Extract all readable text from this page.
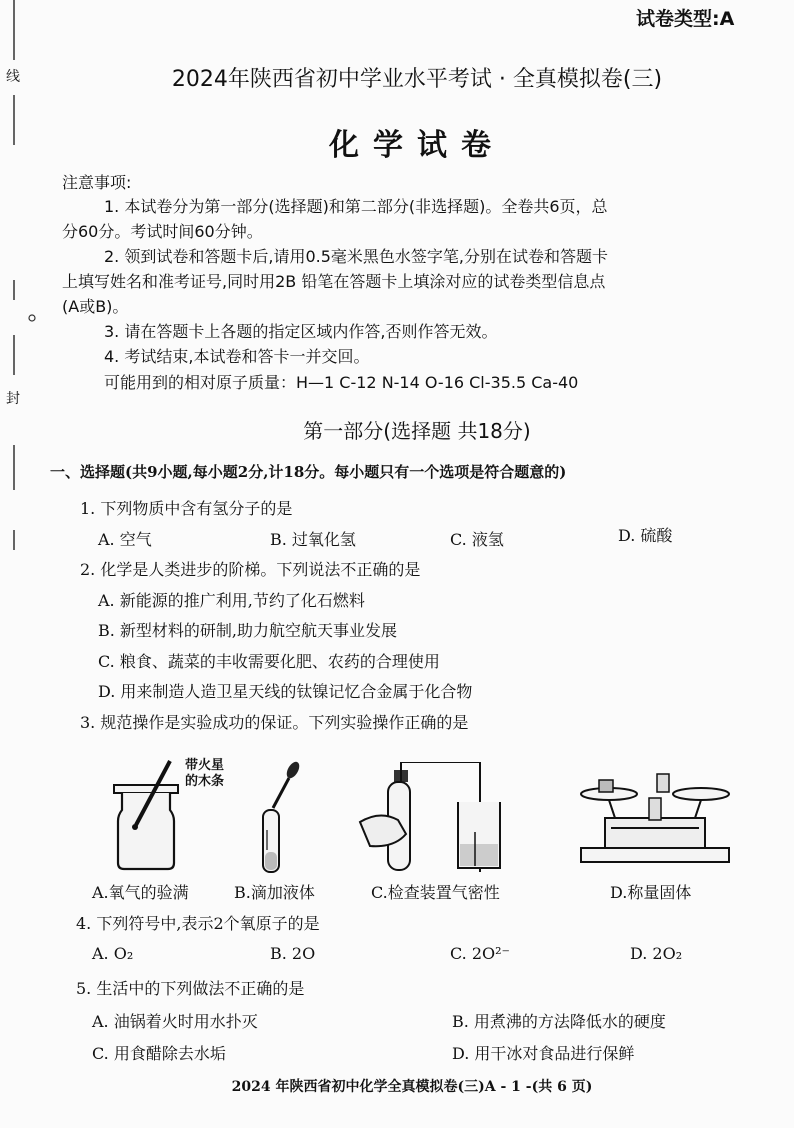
线
封
试卷类型:A
2024年陕西省初中学业水平考试 · 全真模拟卷(三)
化学试卷
注意事项:
1. 本试卷分为第一部分(选择题)和第二部分(非选择题)。全卷共6页，总
分60分。考试时间60分钟。
2. 领到试卷和答题卡后,请用0.5毫米黑色水签字笔,分别在试卷和答题卡
上填写姓名和准考证号,同时用2B 铅笔在答题卡上填涂对应的试卷类型信息点
(A或B)。
3. 请在答题卡上各题的指定区域内作答,否则作答无效。
4. 考试结束,本试卷和答卡一并交回。
可能用到的相对原子质量：H—1 C-12 N-14 O-16 Cl-35.5 Ca-40
第一部分(选择题 共18分)
一、选择题(共9小题,每小题2分,计18分。每小题只有一个选项是符合题意的)
1. 下列物质中含有氢分子的是
A. 空气	B. 过氧化氢	C. 液氢	D. 硫酸
2. 化学是人类进步的阶梯。下列说法不正确的是
A. 新能源的推广利用,节约了化石燃料
B. 新型材料的研制,助力航空航天事业发展
C. 粮食、蔬菜的丰收需要化肥、农药的合理使用
D. 用来制造人造卫星天线的钛镍记忆合金属于化合物
3. 规范操作是实验成功的保证。下列实验操作正确的是
带火星
的木条
A.氧气的验满	B.滴加液体	C.检查装置气密性	D.称量固体
4. 下列符号中,表示2个氧原子的是
A. O₂	B. 2O	C. 2O²⁻	D. 2O₂
5. 生活中的下列做法不正确的是
A. 油锅着火时用水扑灭	B. 用煮沸的方法降低水的硬度
C. 用食醋除去水垢	D. 用干冰对食品进行保鲜
2024 年陕西省初中化学全真模拟卷(三)A - 1 -(共 6 页)
